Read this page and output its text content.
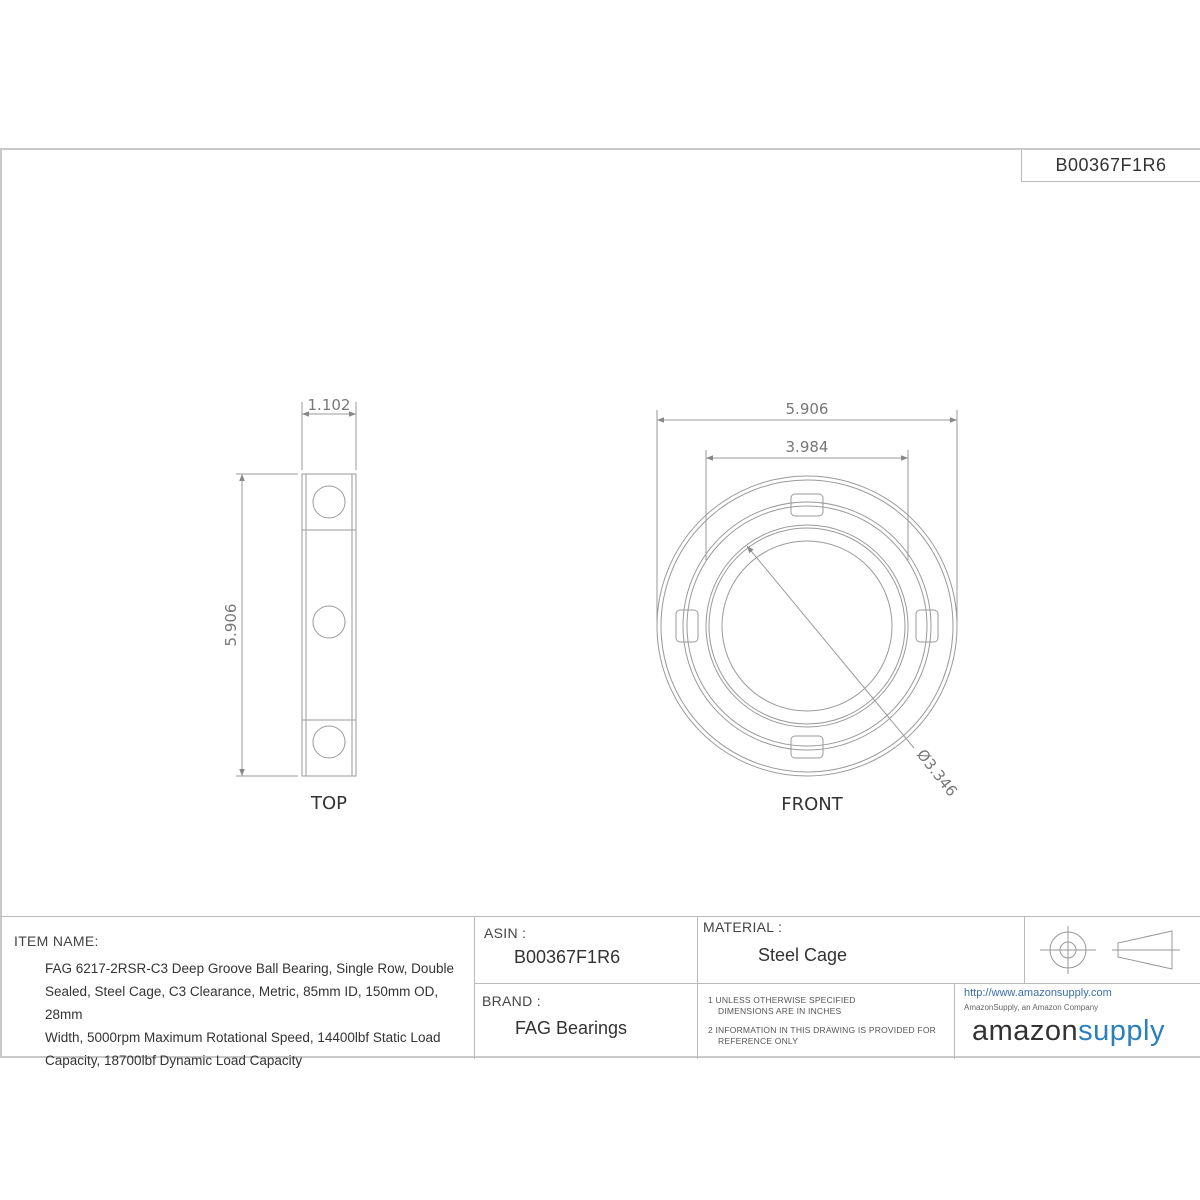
B00367F1R6
1.102
5.906
TOP
5.906
3.984
Ø3.346
FRONT
ITEM NAME:
FAG 6217-2RSR-C3 Deep Groove Ball Bearing, Single Row, Double
Sealed, Steel Cage, C3 Clearance, Metric, 85mm ID, 150mm OD, 28mm
Width, 5000rpm Maximum Rotational Speed, 14400lbf Static Load
Capacity, 18700lbf Dynamic Load Capacity
ASIN :
B00367F1R6
BRAND :
FAG Bearings
MATERIAL :
Steel Cage
1 UNLESS OTHERWISE SPECIFIED
DIMENSIONS ARE IN INCHES
2 INFORMATION IN THIS DRAWING IS PROVIDED FOR
REFERENCE ONLY
http://www.amazonsupply.com
AmazonSupply, an Amazon Company
amazonsupply
